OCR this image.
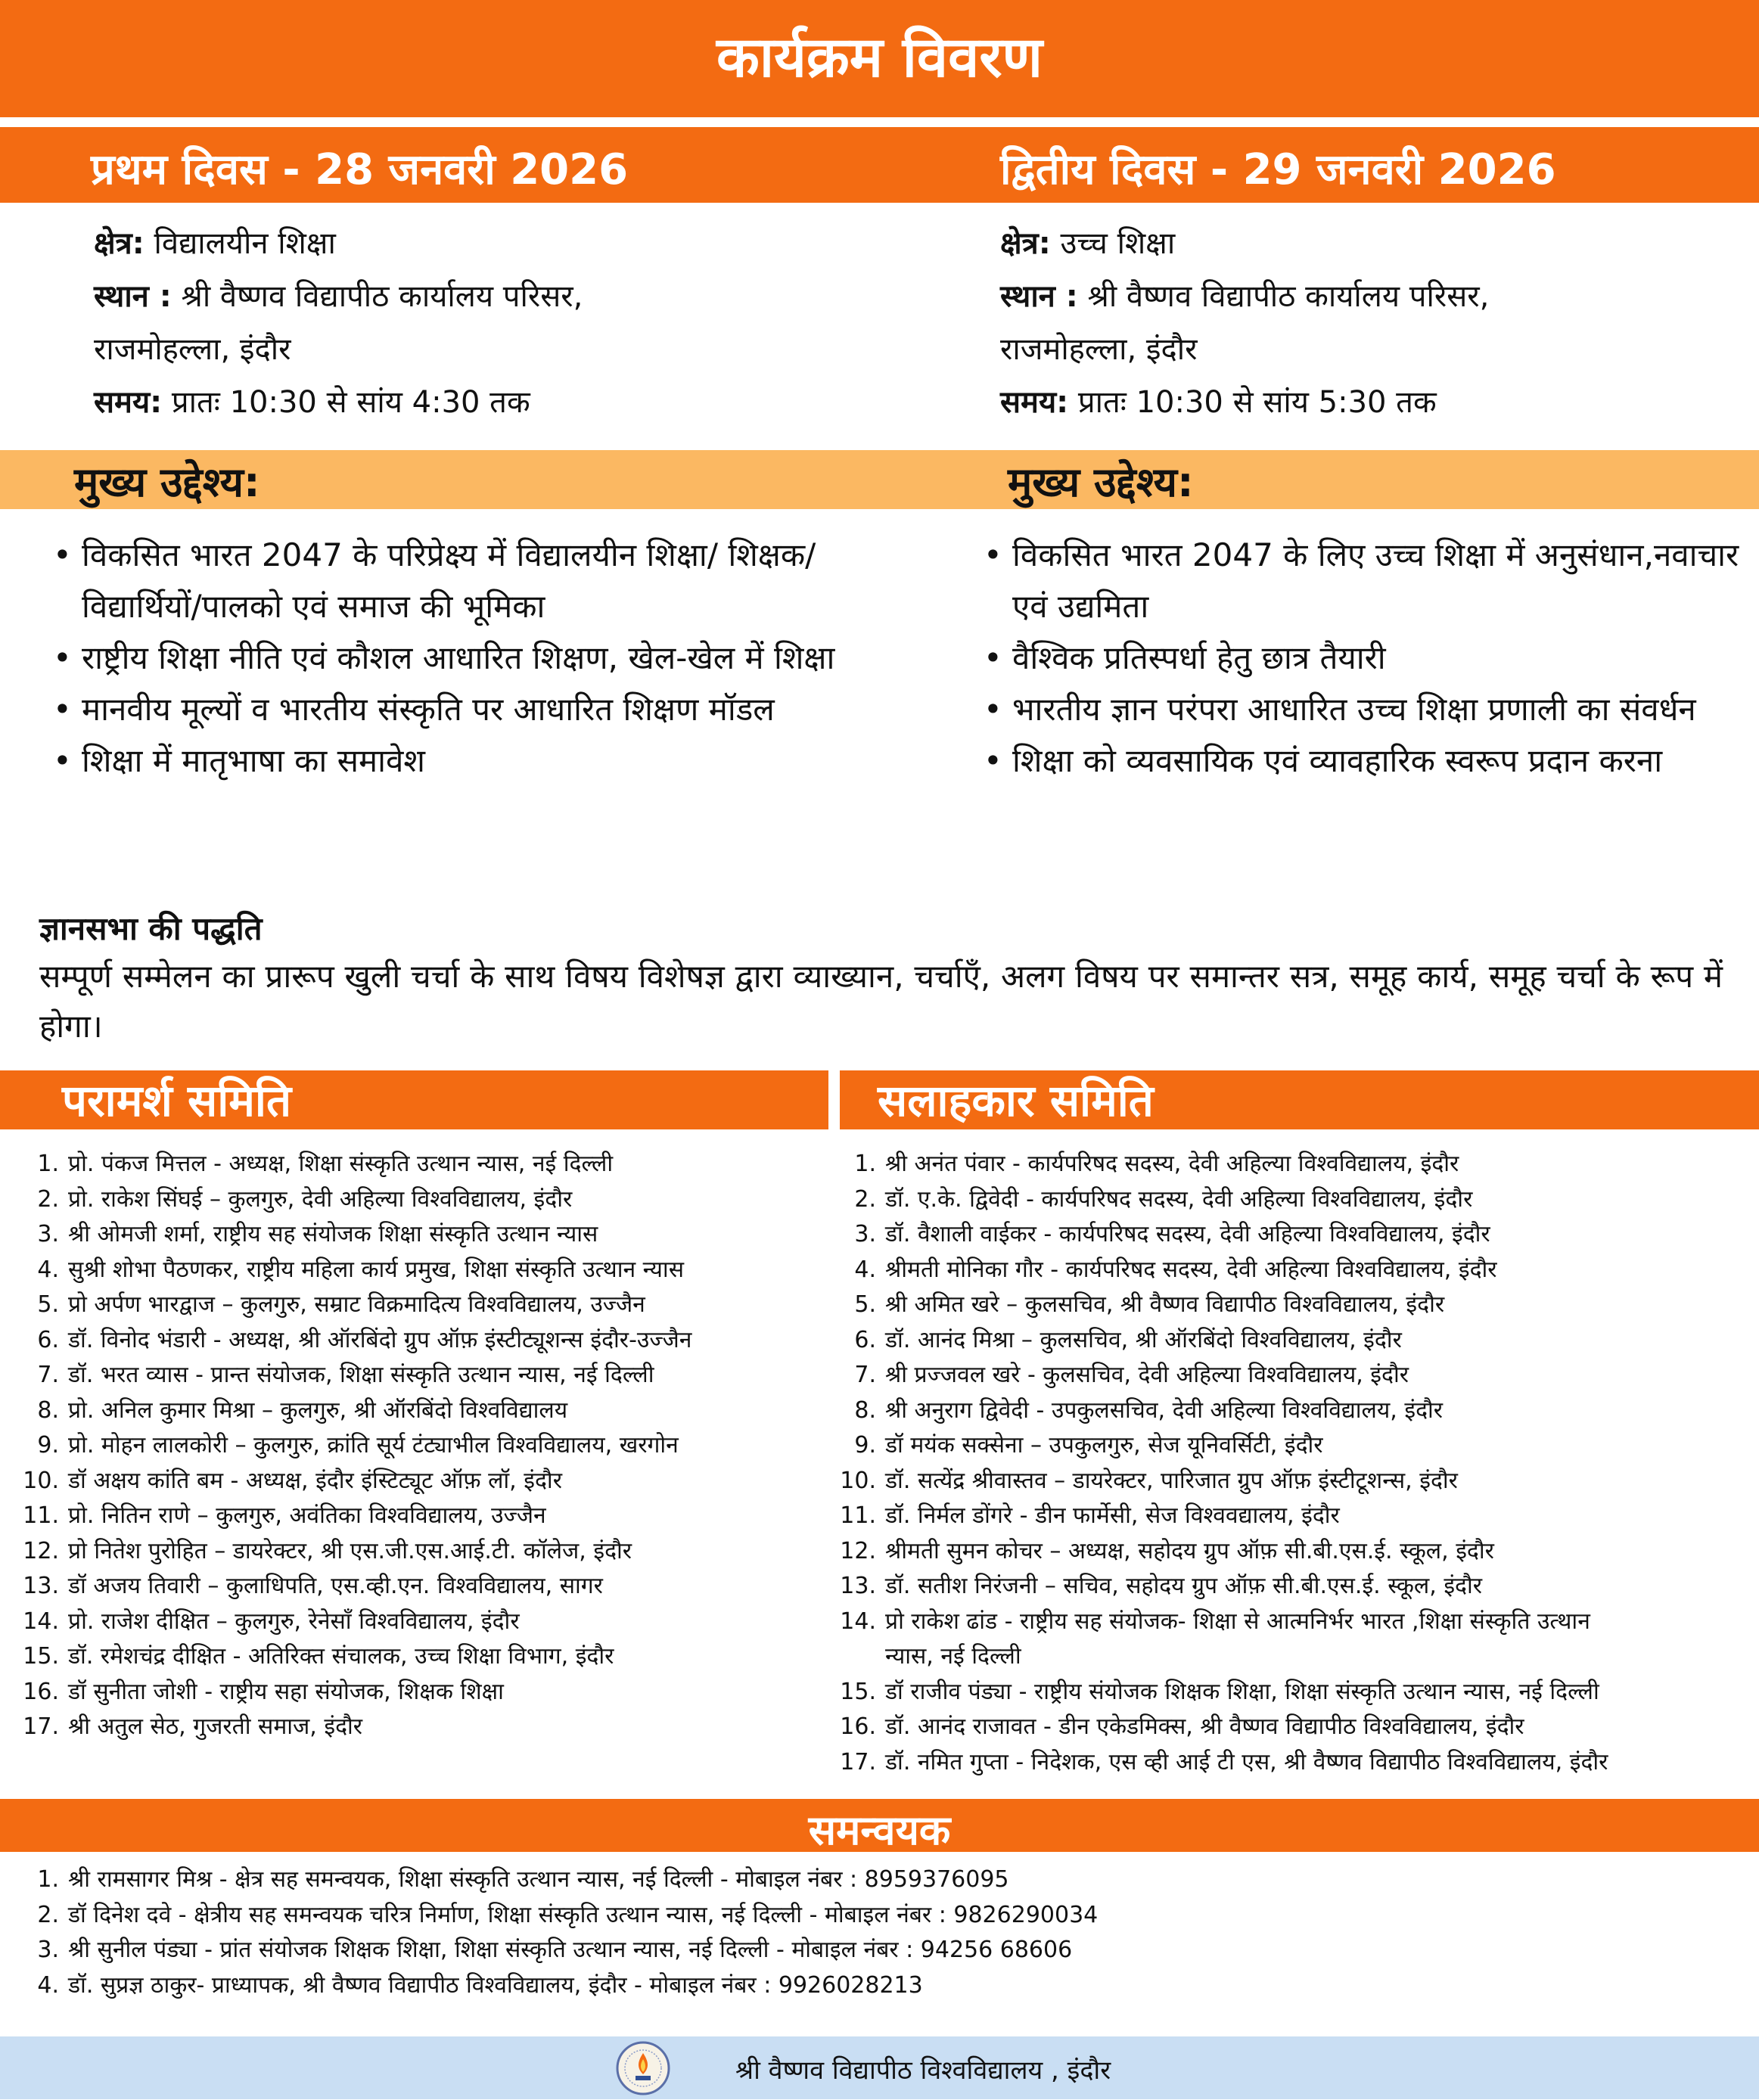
कार्यक्रम विवरण
प्रथम दिवस - 28 जनवरी 2026	द्वितीय दिवस - 29 जनवरी 2026
क्षेत्र: विद्यालयीन शिक्षा
स्थान : श्री वैष्णव विद्यापीठ कार्यालय परिसर,
राजमोहल्ला, इंदौर
समय: प्रातः 10:30 से सांय 4:30 तक
क्षेत्र: उच्च शिक्षा
स्थान : श्री वैष्णव विद्यापीठ कार्यालय परिसर,
राजमोहल्ला, इंदौर
समय: प्रातः 10:30 से सांय 5:30 तक
मुख्य उद्देश्य:	मुख्य उद्देश्य:
• विकसित भारत 2047 के परिप्रेक्ष्य में विद्यालयीन शिक्षा/ शिक्षक/विद्यार्थियों/पालको एवं समाज की भूमिका
• राष्ट्रीय शिक्षा नीति एवं कौशल आधारित शिक्षण, खेल-खेल में शिक्षा
• मानवीय मूल्यों व भारतीय संस्कृति पर आधारित शिक्षण मॉडल
• शिक्षा में मातृभाषा का समावेश
• विकसित भारत 2047 के लिए उच्च शिक्षा में अनुसंधान,नवाचार एवं उद्यमिता
• वैश्विक प्रतिस्पर्धा हेतु छात्र तैयारी
• भारतीय ज्ञान परंपरा आधारित उच्च शिक्षा प्रणाली का संवर्धन
• शिक्षा को व्यवसायिक एवं व्यावहारिक स्वरूप प्रदान करना
ज्ञानसभा की पद्धति
सम्पूर्ण सम्मेलन का प्रारूप खुली चर्चा के साथ विषय विशेषज्ञ द्वारा व्याख्यान, चर्चाएँ, अलग विषय पर समान्तर सत्र, समूह कार्य, समूह चर्चा के रूप में होगा।
परामर्श समिति	सलाहकार समिति
1. प्रो. पंकज मित्तल - अध्यक्ष, शिक्षा संस्कृति उत्थान न्यास, नई दिल्ली
2. प्रो. राकेश सिंघई – कुलगुरु, देवी अहिल्या विश्वविद्यालय, इंदौर
3. श्री ओमजी शर्मा, राष्ट्रीय सह संयोजक शिक्षा संस्कृति उत्थान न्यास
4. सुश्री शोभा पैठणकर, राष्ट्रीय महिला कार्य प्रमुख, शिक्षा संस्कृति उत्थान न्यास
5. प्रो अर्पण भारद्वाज – कुलगुरु, सम्राट विक्रमादित्य विश्वविद्यालय, उज्जैन
6. डॉ. विनोद भंडारी - अध्यक्ष, श्री ऑरबिंदो ग्रुप ऑफ़ इंस्टीट्यूशन्स इंदौर-उज्जैन
7. डॉ. भरत व्यास - प्रान्त संयोजक, शिक्षा संस्कृति उत्थान न्यास, नई दिल्ली
8. प्रो. अनिल कुमार मिश्रा – कुलगुरु, श्री ऑरबिंदो विश्वविद्यालय
9. प्रो. मोहन लालकोरी – कुलगुरु, क्रांति सूर्य टंट्याभील विश्वविद्यालय, खरगोन
10. डॉ अक्षय कांति बम - अध्यक्ष, इंदौर इंस्टिट्यूट ऑफ़ लॉ, इंदौर
11. प्रो. नितिन राणे – कुलगुरु, अवंतिका विश्वविद्यालय, उज्जैन
12. प्रो नितेश पुरोहित – डायरेक्टर, श्री एस.जी.एस.आई.टी. कॉलेज, इंदौर
13. डॉ अजय तिवारी – कुलाधिपति, एस.व्ही.एन. विश्वविद्यालय, सागर
14. प्रो. राजेश दीक्षित – कुलगुरु, रेनेसॉं विश्वविद्यालय, इंदौर
15. डॉ. रमेशचंद्र दीक्षित - अतिरिक्त संचालक, उच्च शिक्षा विभाग, इंदौर
16. डॉ सुनीता जोशी - राष्ट्रीय सहा संयोजक, शिक्षक शिक्षा
17. श्री अतुल सेठ, गुजरती समाज, इंदौर
1. श्री अनंत पंवार - कार्यपरिषद सदस्य, देवी अहिल्या विश्वविद्यालय, इंदौर
2. डॉ. ए.के. द्विवेदी - कार्यपरिषद सदस्य, देवी अहिल्या विश्वविद्यालय, इंदौर
3. डॉ. वैशाली वाईकर - कार्यपरिषद सदस्य, देवी अहिल्या विश्वविद्यालय, इंदौर
4. श्रीमती मोनिका गौर - कार्यपरिषद सदस्य, देवी अहिल्या विश्वविद्यालय, इंदौर
5. श्री अमित खरे – कुलसचिव, श्री वैष्णव विद्यापीठ विश्वविद्यालय, इंदौर
6. डॉ. आनंद मिश्रा – कुलसचिव, श्री ऑरबिंदो विश्वविद्यालय, इंदौर
7. श्री प्रज्जवल खरे - कुलसचिव, देवी अहिल्या विश्वविद्यालय, इंदौर
8. श्री अनुराग द्विवेदी - उपकुलसचिव, देवी अहिल्या विश्वविद्यालय, इंदौर
9. डॉ मयंक सक्सेना – उपकुलगुरु, सेज यूनिवर्सिटी, इंदौर
10. डॉ. सत्येंद्र श्रीवास्तव – डायरेक्टर, पारिजात ग्रुप ऑफ़ इंस्टीटूशन्स, इंदौर
11. डॉ. निर्मल डोंगरे - डीन फार्मेसी, सेज विश्ववद्यालय, इंदौर
12. श्रीमती सुमन कोचर – अध्यक्ष, सहोदय ग्रुप ऑफ़ सी.बी.एस.ई. स्कूल, इंदौर
13. डॉ. सतीश निरंजनी – सचिव, सहोदय ग्रुप ऑफ़ सी.बी.एस.ई. स्कूल, इंदौर
14. प्रो राकेश ढांड - राष्ट्रीय सह संयोजक- शिक्षा से आत्मनिर्भर भारत ,शिक्षा संस्कृति उत्थान
न्यास, नई दिल्ली
15. डॉ राजीव पंड्या - राष्ट्रीय संयोजक शिक्षक शिक्षा, शिक्षा संस्कृति उत्थान न्यास, नई दिल्ली
16. डॉ. आनंद राजावत - डीन एकेडमिक्स, श्री वैष्णव विद्यापीठ विश्वविद्यालय, इंदौर
17. डॉ. नमित गुप्ता - निदेशक, एस व्ही आई टी एस, श्री वैष्णव विद्यापीठ विश्वविद्यालय, इंदौर
समन्वयक
1. श्री रामसागर मिश्र - क्षेत्र सह समन्वयक, शिक्षा संस्कृति उत्थान न्यास, नई दिल्ली - मोबाइल नंबर : 8959376095
2. डॉ दिनेश दवे - क्षेत्रीय सह समन्वयक चरित्र निर्माण, शिक्षा संस्कृति उत्थान न्यास, नई दिल्ली - मोबाइल नंबर : 9826290034
3. श्री सुनील पंड्या - प्रांत संयोजक शिक्षक शिक्षा, शिक्षा संस्कृति उत्थान न्यास, नई दिल्ली - मोबाइल नंबर : 94256 68606
4. डॉ. सुप्रज्ञ ठाकुर- प्राध्यापक, श्री वैष्णव विद्यापीठ विश्वविद्यालय, इंदौर - मोबाइल नंबर : 9926028213
श्री वैष्णव विद्यापीठ विश्वविद्यालय , इंदौर
